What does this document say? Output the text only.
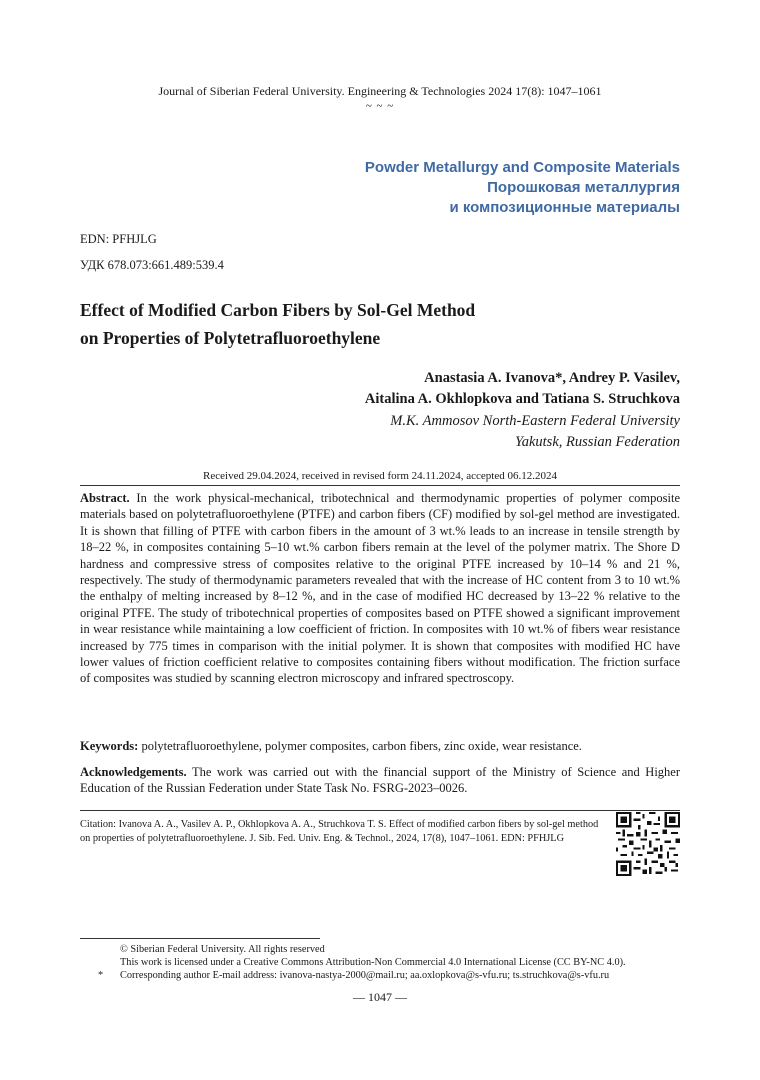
Journal of Siberian Federal University. Engineering & Technologies 2024 17(8): 1047–1061
~ ~ ~
Powder Metallurgy and Composite Materials
Порошковая металлургия
и композиционные материалы
EDN: PFHJLG
УДК 678.073:661.489:539.4
Effect of Modified Carbon Fibers by Sol-Gel Method
on Properties of Polytetrafluoroethylene
Anastasia A. Ivanova*, Andrey P. Vasilev,
Aitalina A. Okhlopkova and Tatiana S. Struchkova
M.K. Ammosov North-Eastern Federal University
Yakutsk, Russian Federation
Received 29.04.2024, received in revised form 24.11.2024, accepted 06.12.2024
Abstract. In the work physical-mechanical, tribotechnical and thermodynamic properties of polymer composite materials based on polytetrafluoroethylene (PTFE) and carbon fibers (CF) modified by sol-gel method are investigated. It is shown that filling of PTFE with carbon fibers in the amount of 3 wt.% leads to an increase in tensile strength by 18–22 %, in composites containing 5–10 wt.% carbon fibers remain at the level of the polymer matrix. The Shore D hardness and compressive stress of composites relative to the original PTFE increased by 10–14 % and 21 %, respectively. The study of thermodynamic parameters revealed that with the increase of HC content from 3 to 10 wt.% the enthalpy of melting increased by 8–12 %, and in the case of modified HC decreased by 13–22 % relative to the original PTFE. The study of tribotechnical properties of composites based on PTFE showed a significant improvement in wear resistance while maintaining a low coefficient of friction. In composites with 10 wt.% of fibers wear resistance increased by 775 times in comparison with the initial polymer. It is shown that composites with modified HC have lower values of friction coefficient relative to composites containing fibers without modification. The friction surface of composites was studied by scanning electron microscopy and infrared spectroscopy.
Keywords: polytetrafluoroethylene, polymer composites, carbon fibers, zinc oxide, wear resistance.
Acknowledgements. The work was carried out with the financial support of the Ministry of Science and Higher Education of the Russian Federation under State Task No. FSRG-2023–0026.
Citation: Ivanova A. A., Vasilev A. P., Okhlopkova A. A., Struchkova T. S. Effect of modified carbon fibers by sol-gel method on properties of polytetrafluoroethylene. J. Sib. Fed. Univ. Eng. & Technol., 2024, 17(8), 1047–1061. EDN: PFHJLG
© Siberian Federal University. All rights reserved
This work is licensed under a Creative Commons Attribution-Non Commercial 4.0 International License (CC BY-NC 4.0).
* Corresponding author E-mail address: ivanova-nastya-2000@mail.ru; aa.oxlopkova@s-vfu.ru; ts.struchkova@s-vfu.ru
— 1047 —
